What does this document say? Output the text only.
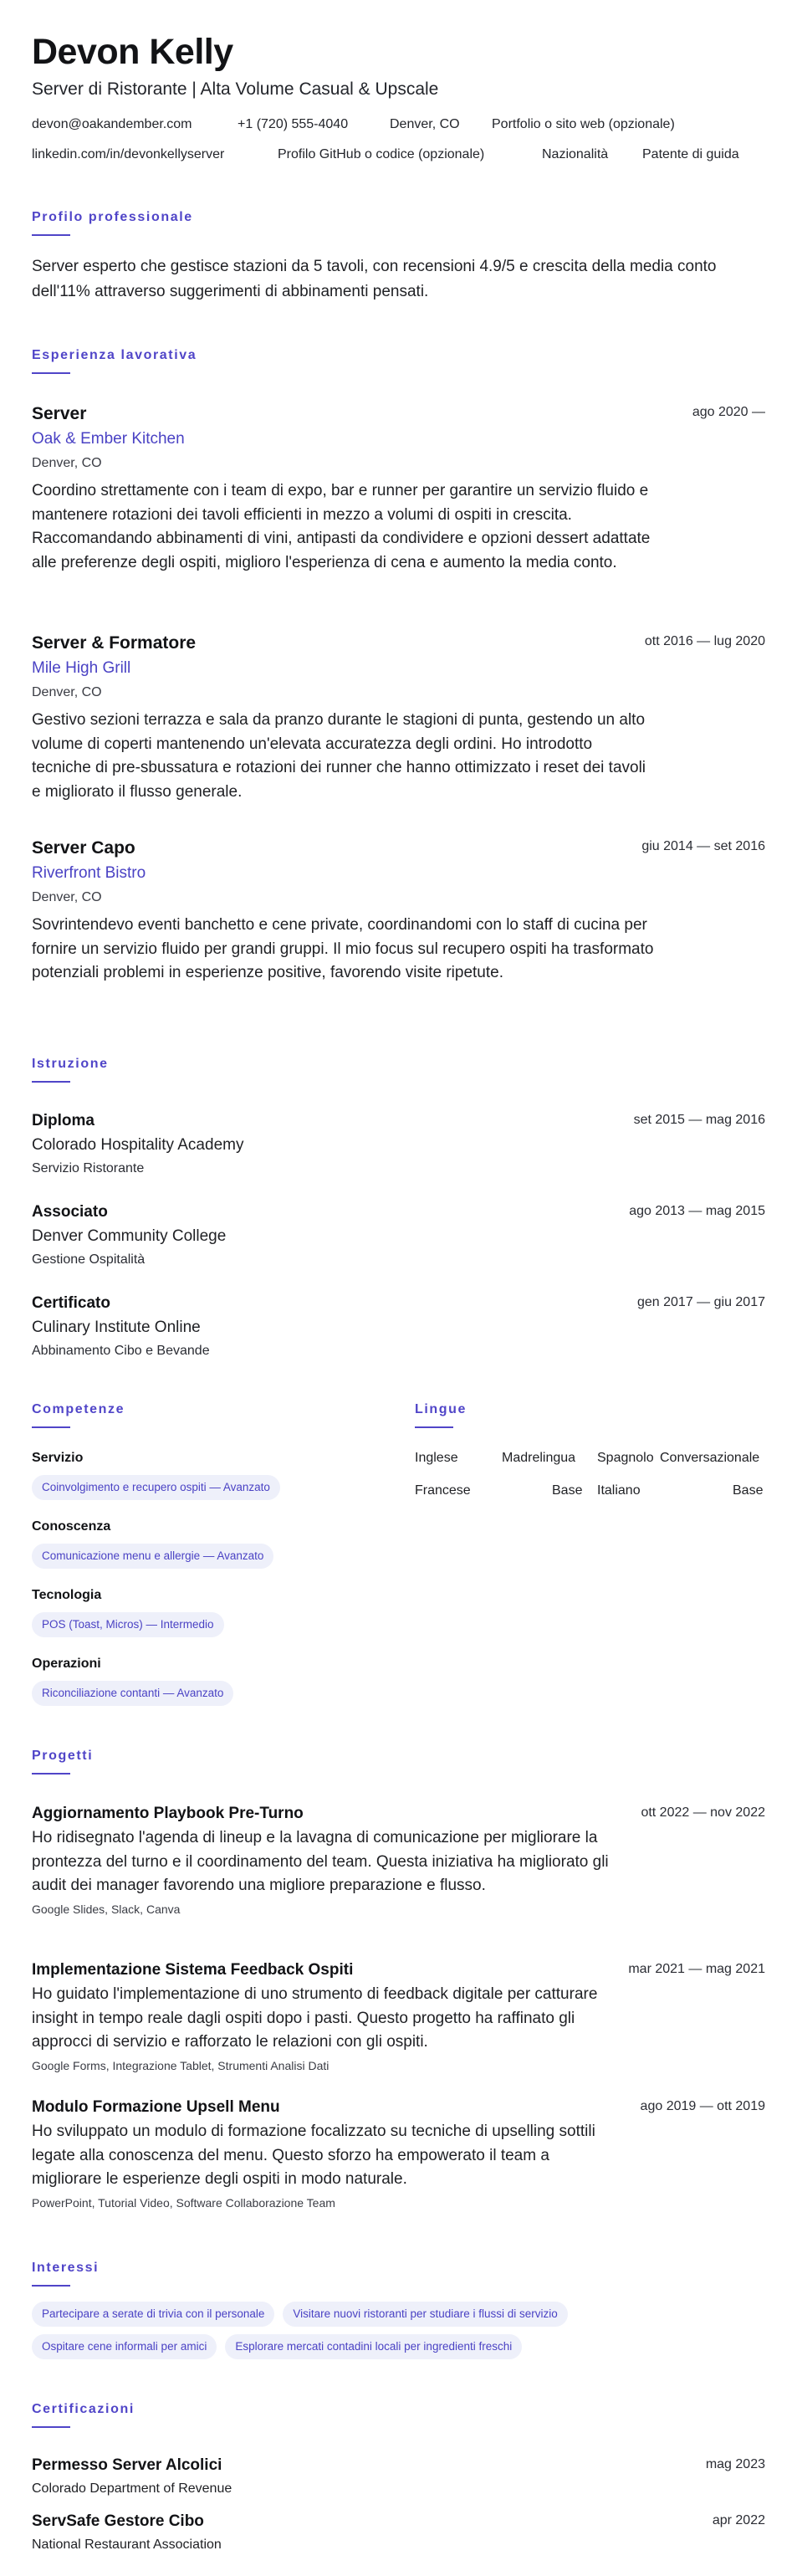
Devon Kelly
Server di Ristorante | Alta Volume Casual & Upscale
devon@oakandember.com	+1 (720) 555-4040	Denver, CO Portfolio o sito web (opzionale)
linkedin.com/in/devonkellyserver	Profilo GitHub o codice (opzionale)	Nazionalità	Patente di guida
Profilo professionale
Server esperto che gestisce stazioni da 5 tavoli, con recensioni 4.9/5 e crescita della media conto dell'11% attraverso suggerimenti di abbinamenti pensati.
Esperienza lavorativa
Server	ago 2020 —
Oak & Ember Kitchen
Denver, CO
Coordino strettamente con i team di expo, bar e runner per garantire un servizio fluido e mantenere rotazioni dei tavoli efficienti in mezzo a volumi di ospiti in crescita. Raccomandando abbinamenti di vini, antipasti da condividere e opzioni dessert adattate alle preferenze degli ospiti, miglioro l'esperienza di cena e aumento la media conto.
Server & Formatore	ott 2016 — lug 2020
Mile High Grill
Denver, CO
Gestivo sezioni terrazza e sala da pranzo durante le stagioni di punta, gestendo un alto volume di coperti mantenendo un'elevata accuratezza degli ordini. Ho introdotto tecniche di pre-sbussatura e rotazioni dei runner che hanno ottimizzato i reset dei tavoli e migliorato il flusso generale.
Server Capo	giu 2014 — set 2016
Riverfront Bistro
Denver, CO
Sovrintendevo eventi banchetto e cene private, coordinandomi con lo staff di cucina per fornire un servizio fluido per grandi gruppi. Il mio focus sul recupero ospiti ha trasformato potenziali problemi in esperienze positive, favorendo visite ripetute.
Istruzione
Diploma	set 2015 — mag 2016
Colorado Hospitality Academy
Servizio Ristorante
Associato	ago 2013 — mag 2015
Denver Community College
Gestione Ospitalità
Certificato	gen 2017 — giu 2017
Culinary Institute Online
Abbinamento Cibo e Bevande
Competenze
Servizio
Coinvolgimento e recupero ospiti — Avanzato
Conoscenza
Comunicazione menu e allergie — Avanzato
Tecnologia
POS (Toast, Micros) — Intermedio
Operazioni
Riconciliazione contanti — Avanzato
Lingue
Inglese	Madrelingua Spagnolo Conversazionale
Francese	Base Italiano	Base
Progetti
Aggiornamento Playbook Pre-Turno	ott 2022 — nov 2022
Ho ridisegnato l'agenda di lineup e la lavagna di comunicazione per migliorare la prontezza del turno e il coordinamento del team. Questa iniziativa ha migliorato gli audit dei manager favorendo una migliore preparazione e flusso.
Google Slides, Slack, Canva
Implementazione Sistema Feedback Ospiti	mar 2021 — mag 2021
Ho guidato l'implementazione di uno strumento di feedback digitale per catturare insight in tempo reale dagli ospiti dopo i pasti. Questo progetto ha raffinato gli approcci di servizio e rafforzato le relazioni con gli ospiti.
Google Forms, Integrazione Tablet, Strumenti Analisi Dati
Modulo Formazione Upsell Menu	ago 2019 — ott 2019
Ho sviluppato un modulo di formazione focalizzato su tecniche di upselling sottili legate alla conoscenza del menu. Questo sforzo ha empowerato il team a migliorare le esperienze degli ospiti in modo naturale.
PowerPoint, Tutorial Video, Software Collaborazione Team
Interessi
Partecipare a serate di trivia con il personale	Visitare nuovi ristoranti per studiare i flussi di servizio
Ospitare cene informali per amici	Esplorare mercati contadini locali per ingredienti freschi
Certificazioni
Permesso Server Alcolici	mag 2023
Colorado Department of Revenue
ServSafe Gestore Cibo	apr 2022
National Restaurant Association
